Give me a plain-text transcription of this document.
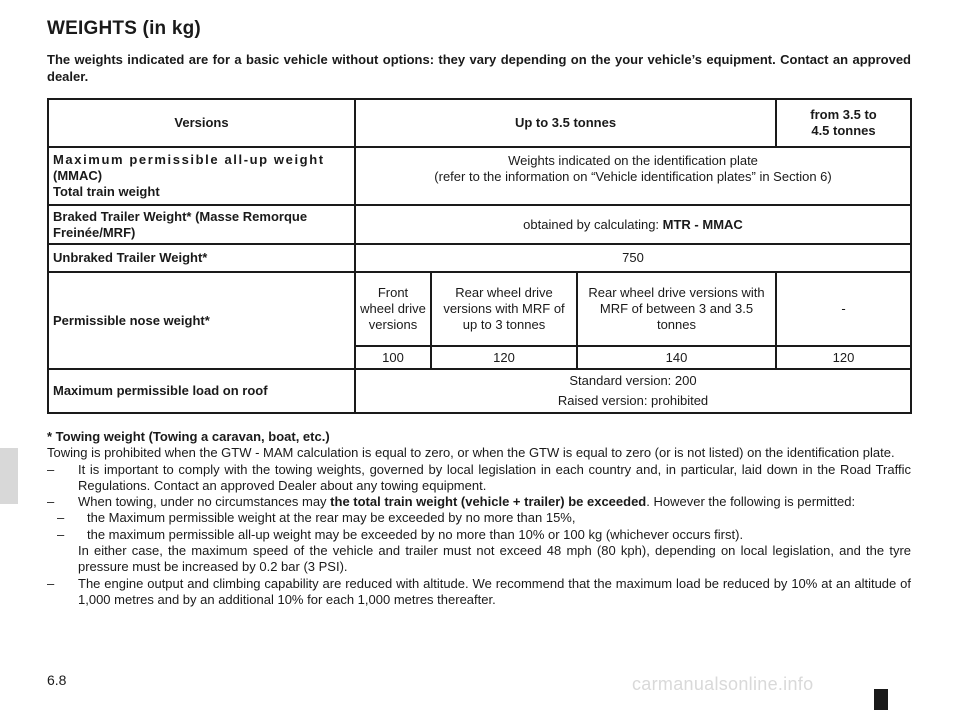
WEIGHTS (in kg)

The weights indicated are for a basic vehicle without options: they vary depending on the your vehicle’s equipment. Contact an approved dealer.

Versions	Up to 3.5 tonnes			from 3.5 to
4.5 tonnes
Maximum permissible all-up weight
(MMAC)
Total train weight	Weights indicated on the identification plate
(refer to the information on “Vehicle identification plates” in Section 6)			
Braked Trailer Weight* (Masse Remorque
Freinée/MRF)	obtained by calculating: MTR - MMAC			
Unbraked Trailer Weight*	750			
Permissible nose weight*	Front wheel drive versions	Rear wheel drive versions with MRF of up to 3 tonnes	Rear wheel drive versions with MRF of between 3 and 3.5 tonnes	-
	100	120	140	120
Maximum permissible load on roof	Standard version: 200
Raised version: prohibited			

* Towing weight (Towing a caravan, boat, etc.)

Towing is prohibited when the GTW - MAM calculation is equal to zero, or when the GTW is equal to zero (or is not listed) on the identification plate.

– It is important to comply with the towing weights, governed by local legislation in each country and, in particular, laid down in the Road Traffic Regulations. Contact an approved Dealer about any towing equipment.

– When towing, under no circumstances may the total train weight (vehicle + trailer) be exceeded. However the following is permitted:

– the Maximum permissible weight at the rear may be exceeded by no more than 15%,

– the maximum permissible all-up weight may be exceeded by no more than 10% or 100 kg (whichever occurs first).

In either case, the maximum speed of the vehicle and trailer must not exceed 48 mph (80 kph), depending on local legislation, and the tyre pressure must be increased by 0.2 bar (3 PSI).

– The engine output and climbing capability are reduced with altitude. We recommend that the maximum load be reduced by 10% at an altitude of 1,000 metres and by an additional 10% for each 1,000 metres thereafter.

6.8	carmanualsonline.info
